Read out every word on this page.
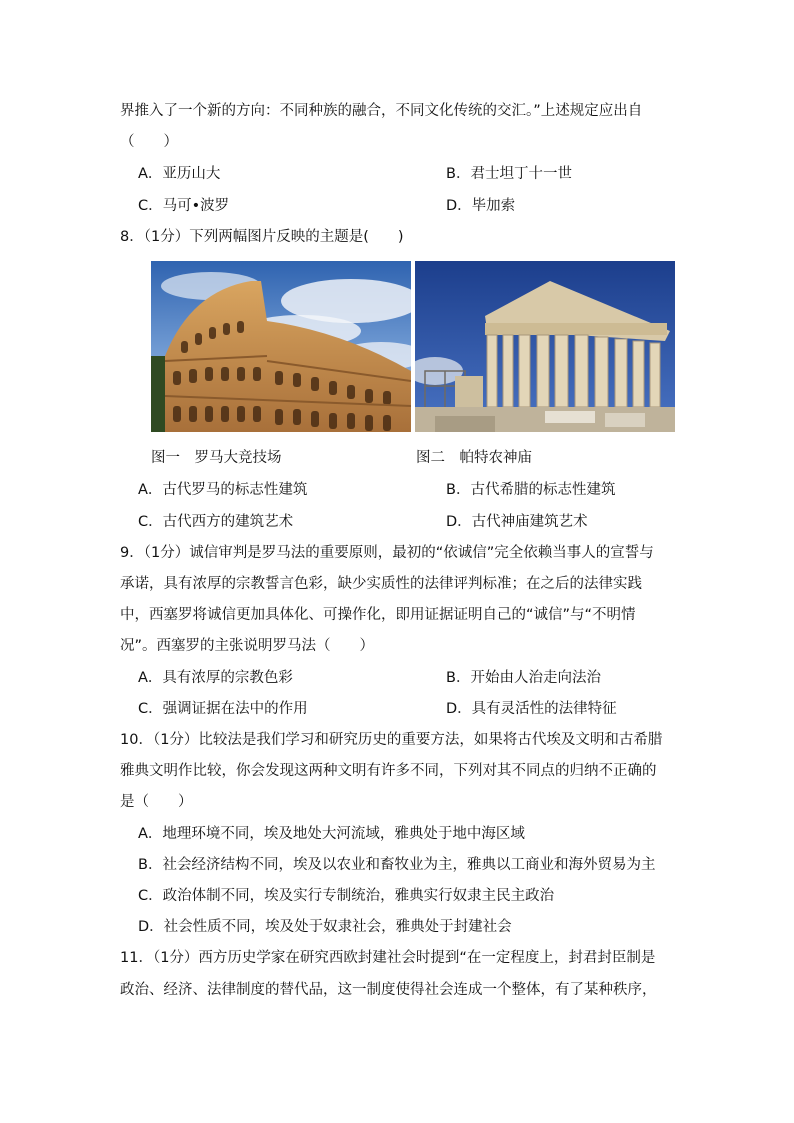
界推入了一个新的方向：不同种族的融合，不同文化传统的交汇。”上述规定应出自
（　　）
A．亚历山大	B．君士坦丁十一世
C．马可•波罗	D．毕加索
8．（1分）下列两幅图片反映的主题是(　　)
图一　罗马大竞技场	图二　帕特农神庙
A．古代罗马的标志性建筑	B．古代希腊的标志性建筑
C．古代西方的建筑艺术	D．古代神庙建筑艺术
9．（1分）诚信审判是罗马法的重要原则，最初的“依诚信”完全依赖当事人的宣誓与
承诺，具有浓厚的宗教誓言色彩，缺少实质性的法律评判标准；在之后的法律实践
中，西塞罗将诚信更加具体化、可操作化，即用证据证明自己的“诚信”与“不明情
况”。西塞罗的主张说明罗马法（　　）
A．具有浓厚的宗教色彩	B．开始由人治走向法治
C．强调证据在法中的作用	D．具有灵活性的法律特征
10．（1分）比较法是我们学习和研究历史的重要方法，如果将古代埃及文明和古希腊
雅典文明作比较，你会发现这两种文明有许多不同，下列对其不同点的归纳不正确的
是（　　）
A．地理环境不同，埃及地处大河流域，雅典处于地中海区域
B．社会经济结构不同，埃及以农业和畜牧业为主，雅典以工商业和海外贸易为主
C．政治体制不同，埃及实行专制统治，雅典实行奴隶主民主政治
D．社会性质不同，埃及处于奴隶社会，雅典处于封建社会
11．（1分）西方历史学家在研究西欧封建社会时提到“在一定程度上，封君封臣制是
政治、经济、法律制度的替代品，这一制度使得社会连成一个整体，有了某种秩序，
